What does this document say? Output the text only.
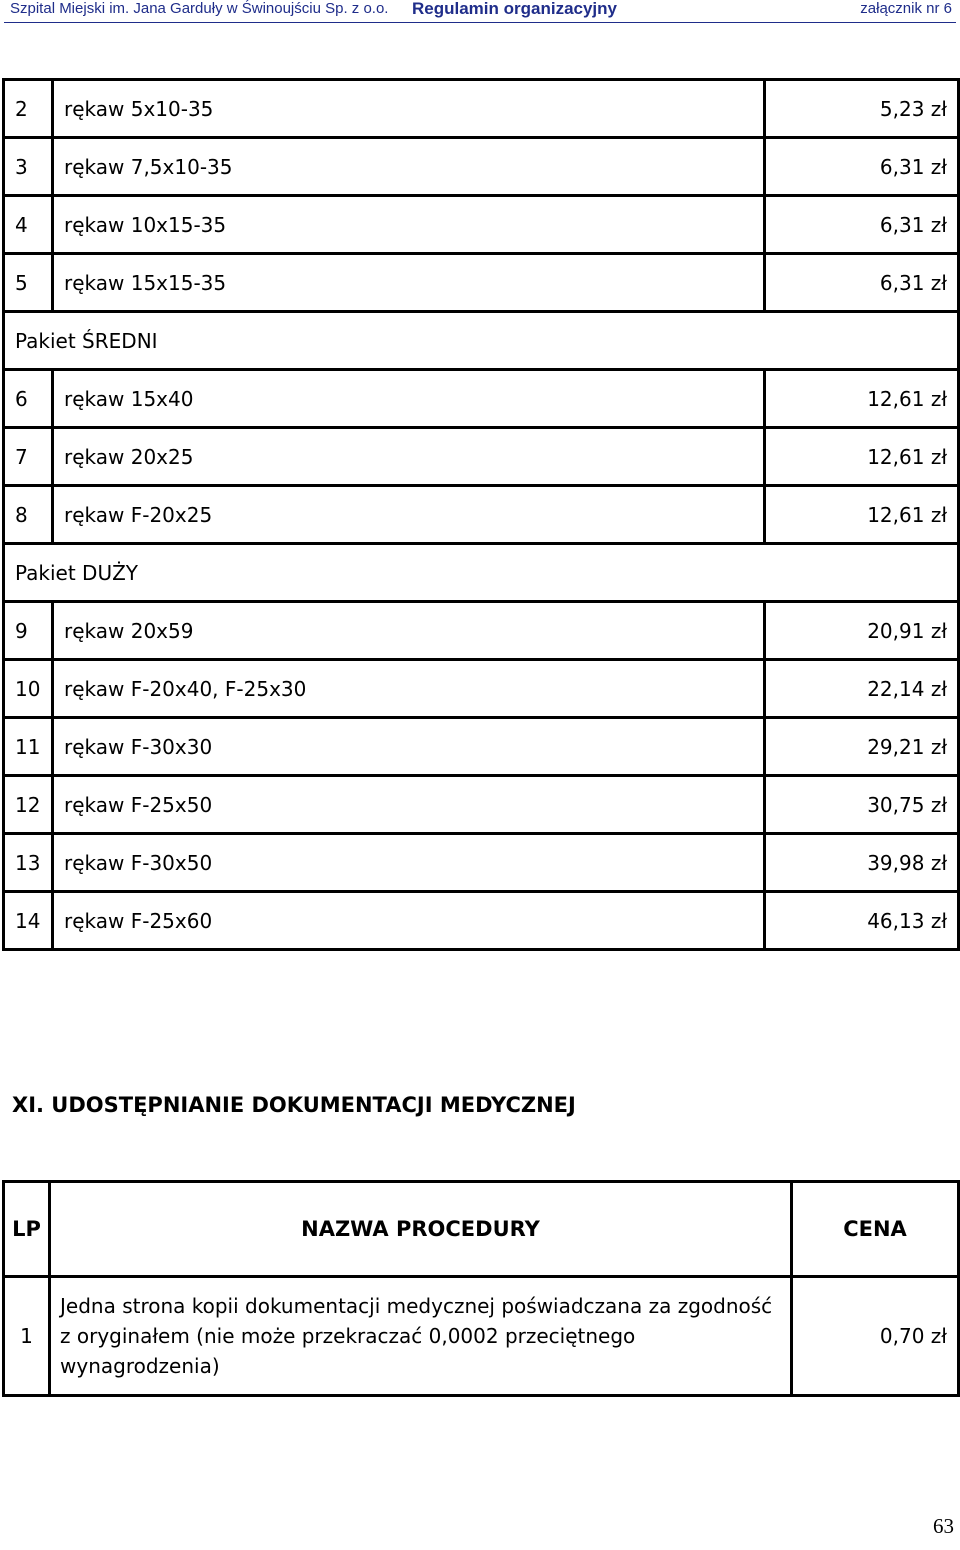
Szpital Miejski im. Jana Garduły w Świnoujściu Sp. z o.o. Regulamin organizacyjny	załącznik nr 6
2	rękaw 5x10-35	5,23 zł
3	rękaw 7,5x10-35	6,31 zł
4	rękaw 10x15-35	6,31 zł
5	rękaw 15x15-35	6,31 zł
Pakiet ŚREDNI		
6	rękaw 15x40	12,61 zł
7	rękaw 20x25	12,61 zł
8	rękaw F-20x25	12,61 zł
Pakiet DUŻY		
9	rękaw 20x59	20,91 zł
10	rękaw F-20x40, F-25x30	22,14 zł
11	rękaw F-30x30	29,21 zł
12	rękaw F-25x50	30,75 zł
13	rękaw F-30x50	39,98 zł
14	rękaw F-25x60	46,13 zł
XI. UDOSTĘPNIANIE DOKUMENTACJI MEDYCZNEJ
LP	NAZWA PROCEDURY	CENA
1	Jedna strona kopii dokumentacji medycznej poświadczana za zgodność z oryginałem (nie może przekraczać 0,0002 przeciętnego wynagrodzenia)	0,70 zł
63
